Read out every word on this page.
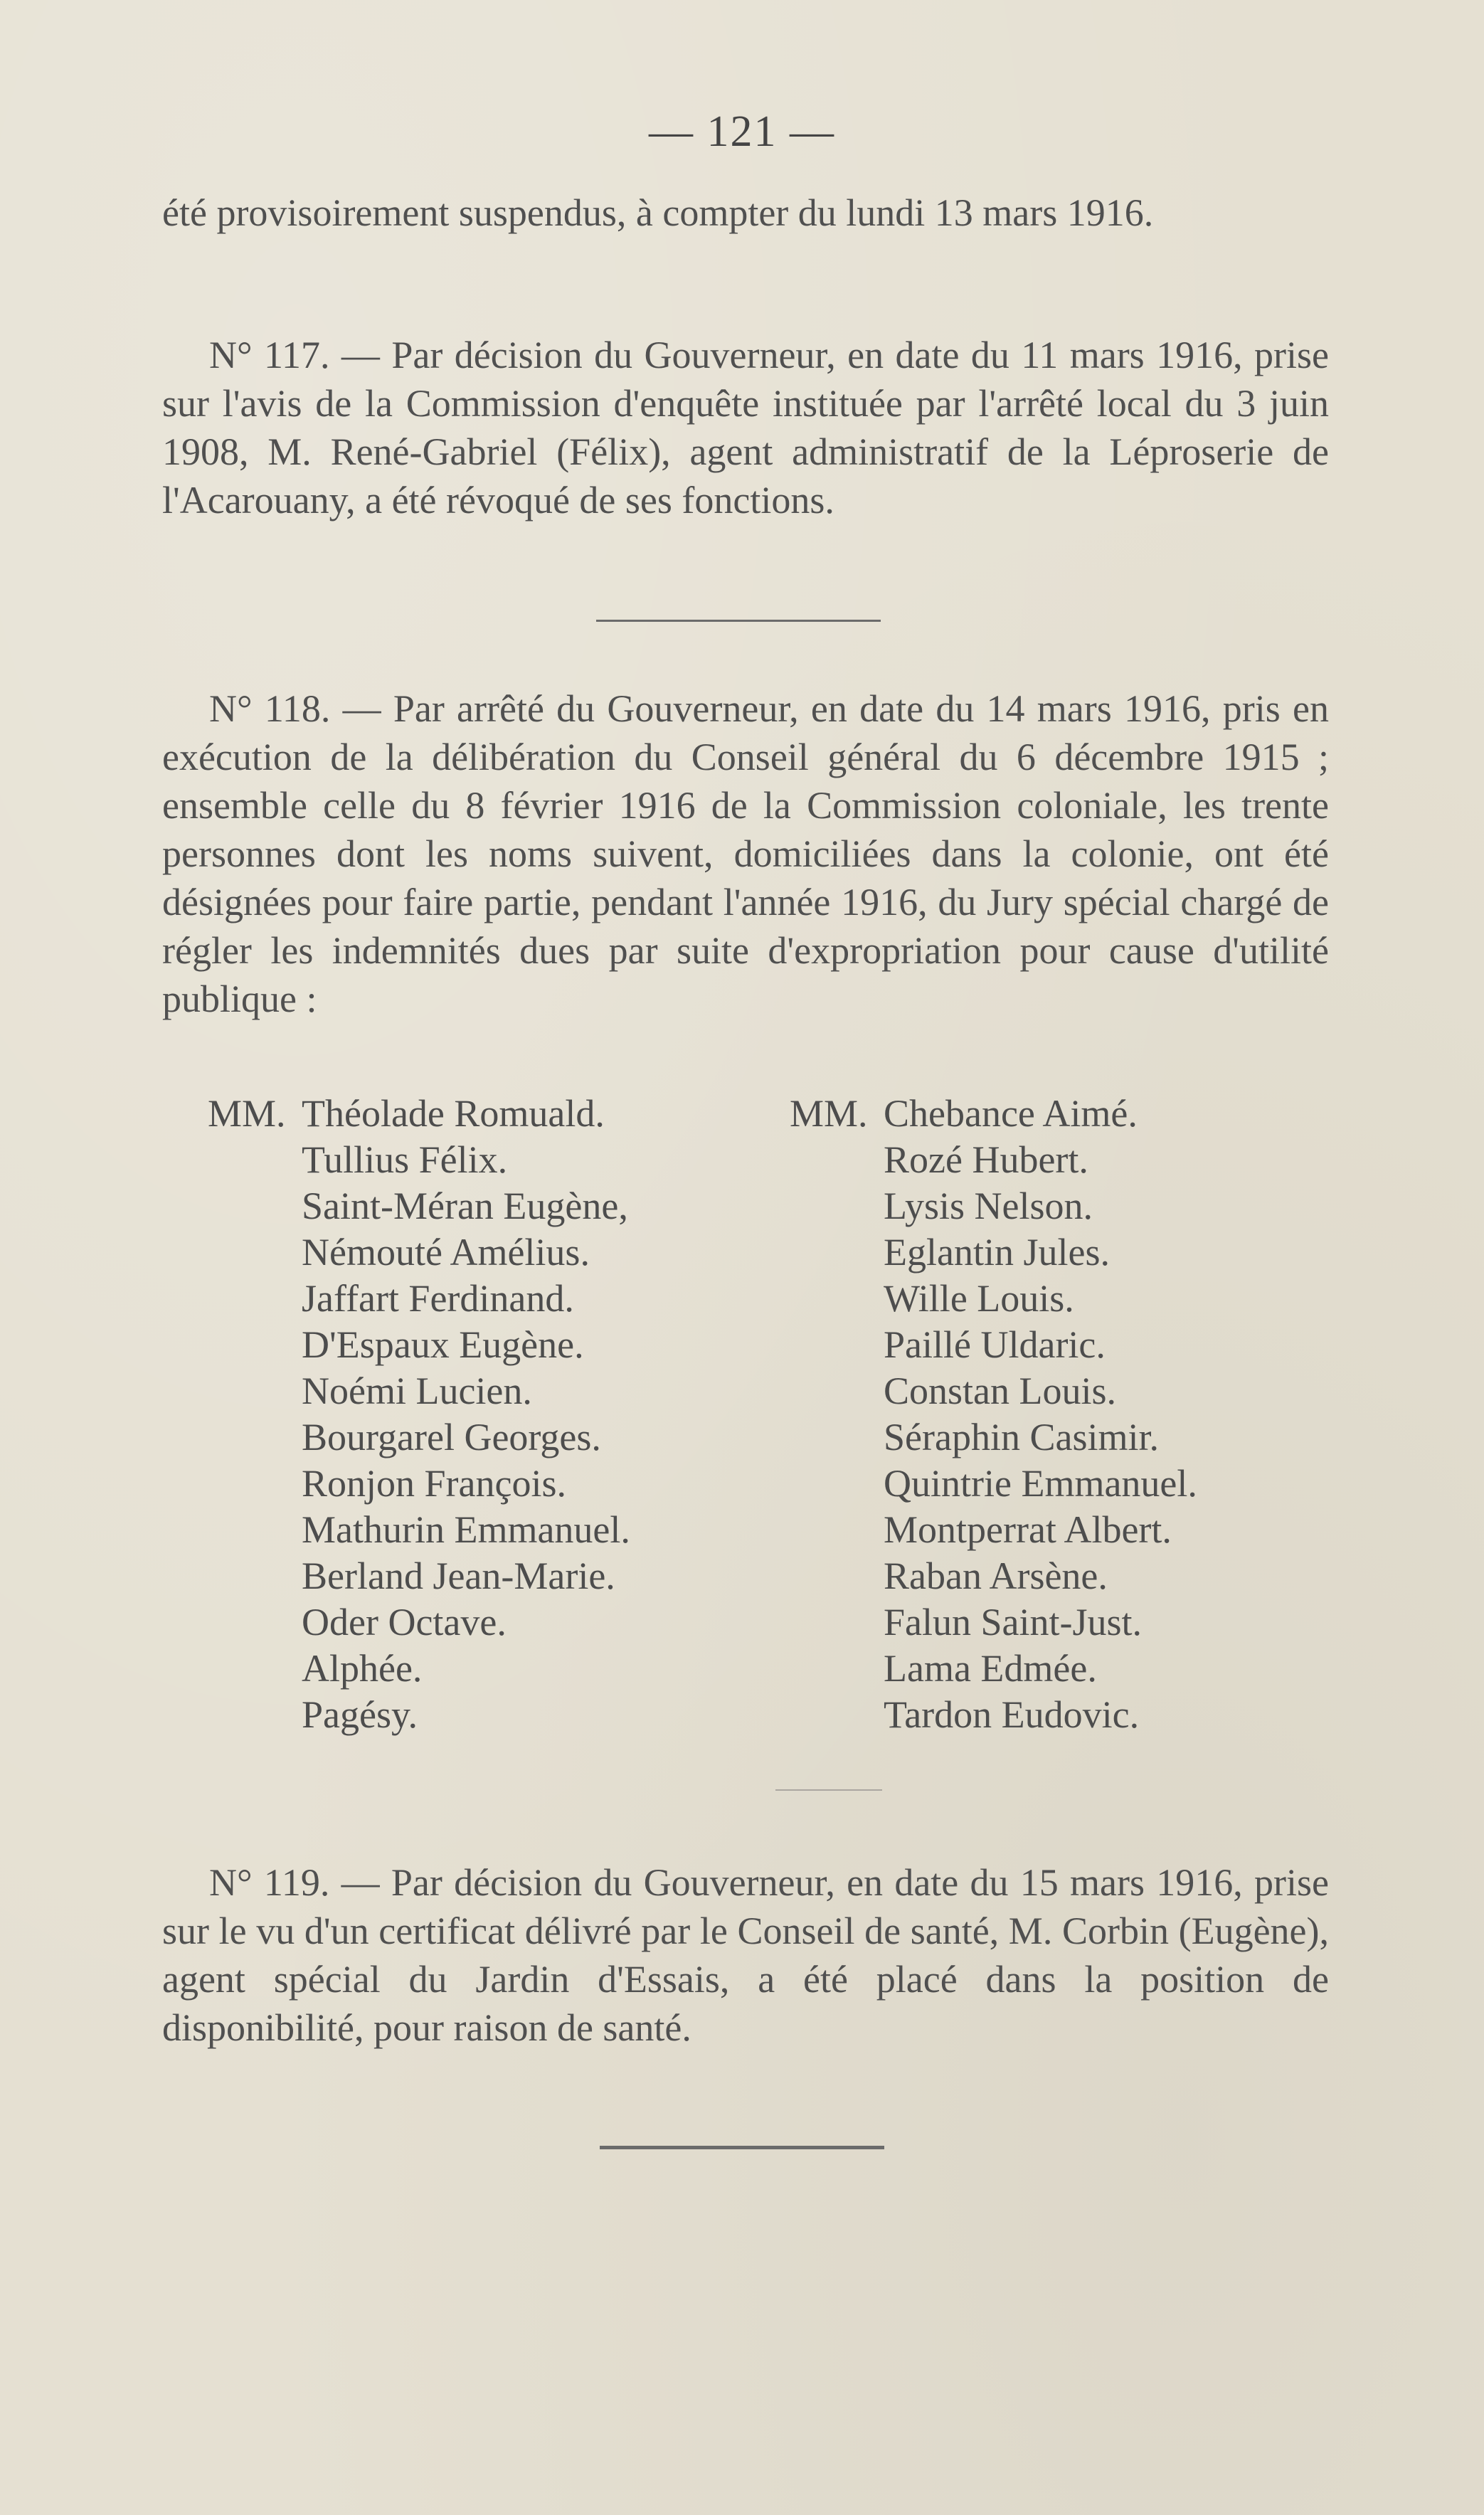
— 121 —

été provisoirement suspendus, à compter du lundi 13 mars 1916.

N° 117. — Par décision du Gouverneur, en date du 11 mars 1916, prise sur l'avis de la Commission d'enquête instituée par l'arrêté local du 3 juin 1908, M. René-Gabriel (Félix), agent administratif de la Léproserie de l'Acarouany, a été révoqué de ses fonctions.

N° 118. — Par arrêté du Gouverneur, en date du 14 mars 1916, pris en exécution de la délibération du Conseil général du 6 décembre 1915 ; ensemble celle du 8 février 1916 de la Commission coloniale, les trente personnes dont les noms suivent, domiciliées dans la colonie, ont été désignées pour faire partie, pendant l'année 1916, du Jury spécial chargé de régler les indemnités dues par suite d'expropriation pour cause d'utilité publique :

MM. Théolade Romuald.
Tullius Félix.
Saint-Méran Eugène,
Némouté Amélius.
Jaffart Ferdinand.
D'Espaux Eugène.
Noémi Lucien.
Bourgarel Georges.
Ronjon François.
Mathurin Emmanuel.
Berland Jean-Marie.
Oder Octave.
Alphée.
Pagésy.
MM. Chebance Aimé.
Rozé Hubert.
Lysis Nelson.
Eglantin Jules.
Wille Louis.
Paillé Uldaric.
Constan Louis.
Séraphin Casimir.
Quintrie Emmanuel.
Montperrat Albert.
Raban Arsène.
Falun Saint-Just.
Lama Edmée.
Tardon Eudovic.

N° 119. — Par décision du Gouverneur, en date du 15 mars 1916, prise sur le vu d'un certificat délivré par le Conseil de santé, M. Corbin (Eugène), agent spécial du Jardin d'Essais, a été placé dans la position de disponibilité, pour raison de santé.
